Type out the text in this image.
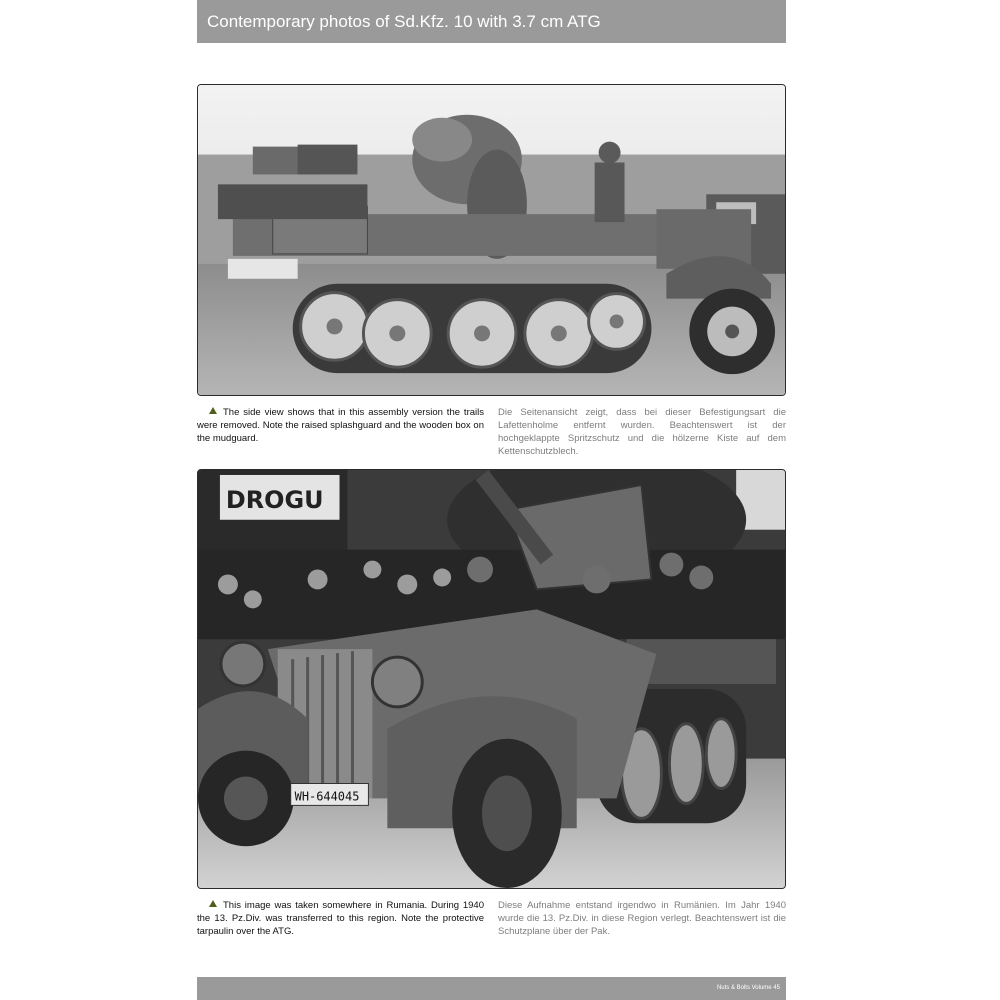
Contemporary photos of Sd.Kfz. 10 with 3.7 cm ATG
The side view shows that in this assembly version the trails were removed. Note the raised splashguard and the wooden box on the mudguard.
Die Seitenansicht zeigt, dass bei dieser Befestigungsart die Lafettenholme entfernt wurden. Beachtenswert ist der hochgeklappte Spritzschutz und die hölzerne Kiste auf dem Kettenschutzblech.
DROGU
WH-644045
This image was taken somewhere in Rumania. During 1940 the 13. Pz.Div. was transferred to this region. Note the protective tarpaulin over the ATG.
Diese Aufnahme entstand irgendwo in Rumänien. Im Jahr 1940 wurde die 13. Pz.Div. in diese Region verlegt. Beachtenswert ist die Schutzplane über der Pak.
Nuts & Bolts Volume 45
